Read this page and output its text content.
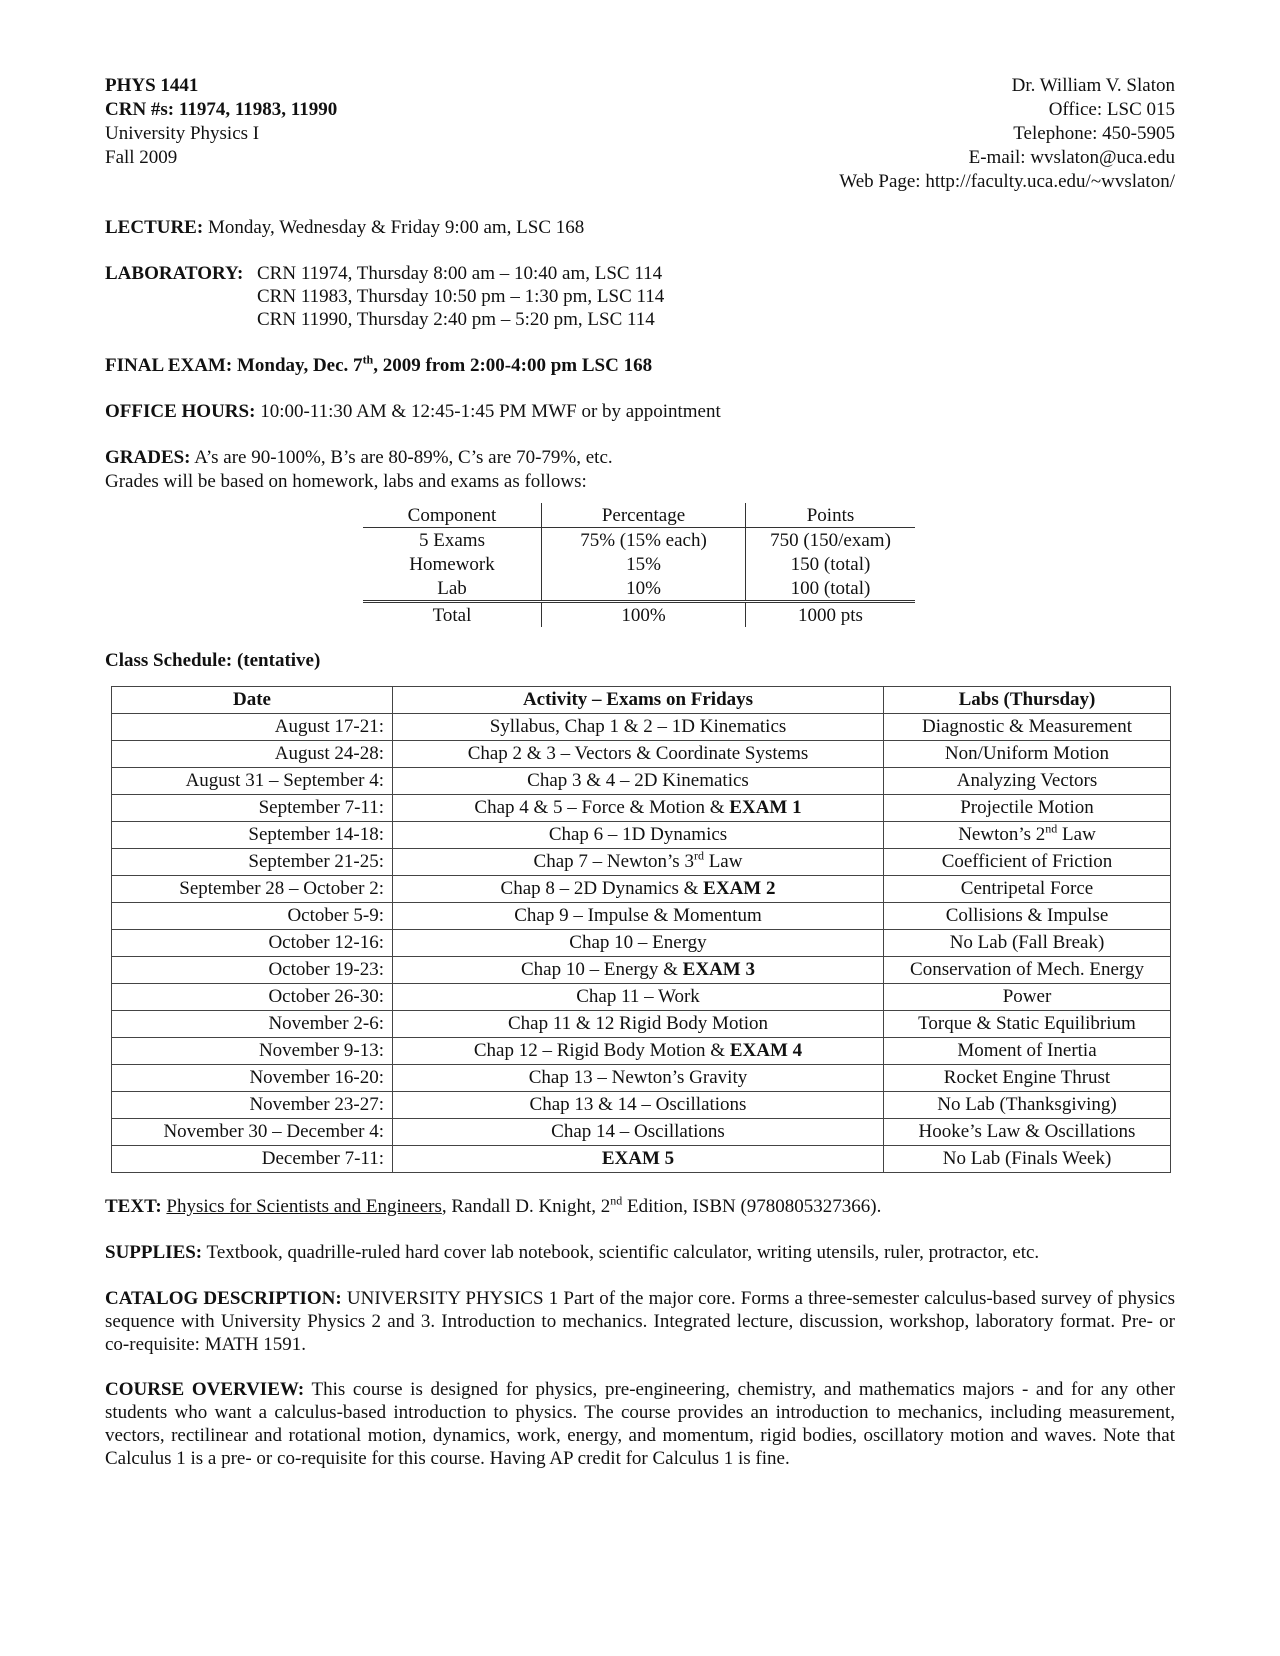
PHYS 1441
CRN #s: 11974, 11983, 11990
University Physics I
Fall 2009
Dr. William V. Slaton
Office: LSC 015
Telephone: 450-5905
E-mail: wvslaton@uca.edu
Web Page: http://faculty.uca.edu/~wvslaton/
LECTURE: Monday, Wednesday & Friday 9:00 am, LSC 168
LABORATORY: CRN 11974, Thursday 8:00 am – 10:40 am, LSC 114
CRN 11983, Thursday 10:50 pm – 1:30 pm, LSC 114
CRN 11990, Thursday 2:40 pm – 5:20 pm, LSC 114
FINAL EXAM: Monday, Dec. 7th, 2009 from 2:00-4:00 pm LSC 168
OFFICE HOURS: 10:00-11:30 AM & 12:45-1:45 PM MWF or by appointment
GRADES: A’s are 90-100%, B’s are 80-89%, C’s are 70-79%, etc.
Grades will be based on homework, labs and exams as follows:
Component	Percentage	Points
5 Exams	75% (15% each)	750 (150/exam)
Homework	15%	150 (total)
Lab	10%	100 (total)
Total	100%	1000 pts
Class Schedule: (tentative)
Date	Activity – Exams on Fridays	Labs (Thursday)
August 17-21:	Syllabus, Chap 1 & 2 – 1D Kinematics	Diagnostic & Measurement
August 24-28:	Chap 2 & 3 – Vectors & Coordinate Systems	Non/Uniform Motion
August 31 – September 4:	Chap 3 & 4 – 2D Kinematics	Analyzing Vectors
September 7-11:	Chap 4 & 5 – Force & Motion & EXAM 1	Projectile Motion
September 14-18:	Chap 6 – 1D Dynamics	Newton’s 2nd Law
September 21-25:	Chap 7 – Newton’s 3rd Law	Coefficient of Friction
September 28 – October 2:	Chap 8 – 2D Dynamics & EXAM 2	Centripetal Force
October 5-9:	Chap 9 – Impulse & Momentum	Collisions & Impulse
October 12-16:	Chap 10 – Energy	No Lab (Fall Break)
October 19-23:	Chap 10 – Energy & EXAM 3	Conservation of Mech. Energy
October 26-30:	Chap 11 – Work	Power
November 2-6:	Chap 11 & 12 Rigid Body Motion	Torque & Static Equilibrium
November 9-13:	Chap 12 – Rigid Body Motion & EXAM 4	Moment of Inertia
November 16-20:	Chap 13 – Newton’s Gravity	Rocket Engine Thrust
November 23-27:	Chap 13 & 14 – Oscillations	No Lab (Thanksgiving)
November 30 – December 4:	Chap 14 – Oscillations	Hooke’s Law & Oscillations
December 7-11:	EXAM 5	No Lab (Finals Week)
TEXT: Physics for Scientists and Engineers, Randall D. Knight, 2nd Edition, ISBN (9780805327366).
SUPPLIES: Textbook, quadrille-ruled hard cover lab notebook, scientific calculator, writing utensils, ruler, protractor, etc.
CATALOG DESCRIPTION: UNIVERSITY PHYSICS 1 Part of the major core. Forms a three-semester calculus-based survey of physics sequence with University Physics 2 and 3. Introduction to mechanics. Integrated lecture, discussion, workshop, laboratory format. Pre- or co-requisite: MATH 1591.
COURSE OVERVIEW: This course is designed for physics, pre-engineering, chemistry, and mathematics majors - and for any other students who want a calculus-based introduction to physics. The course provides an introduction to mechanics, including measurement, vectors, rectilinear and rotational motion, dynamics, work, energy, and momentum, rigid bodies, oscillatory motion and waves. Note that Calculus 1 is a pre- or co-requisite for this course. Having AP credit for Calculus 1 is fine.
